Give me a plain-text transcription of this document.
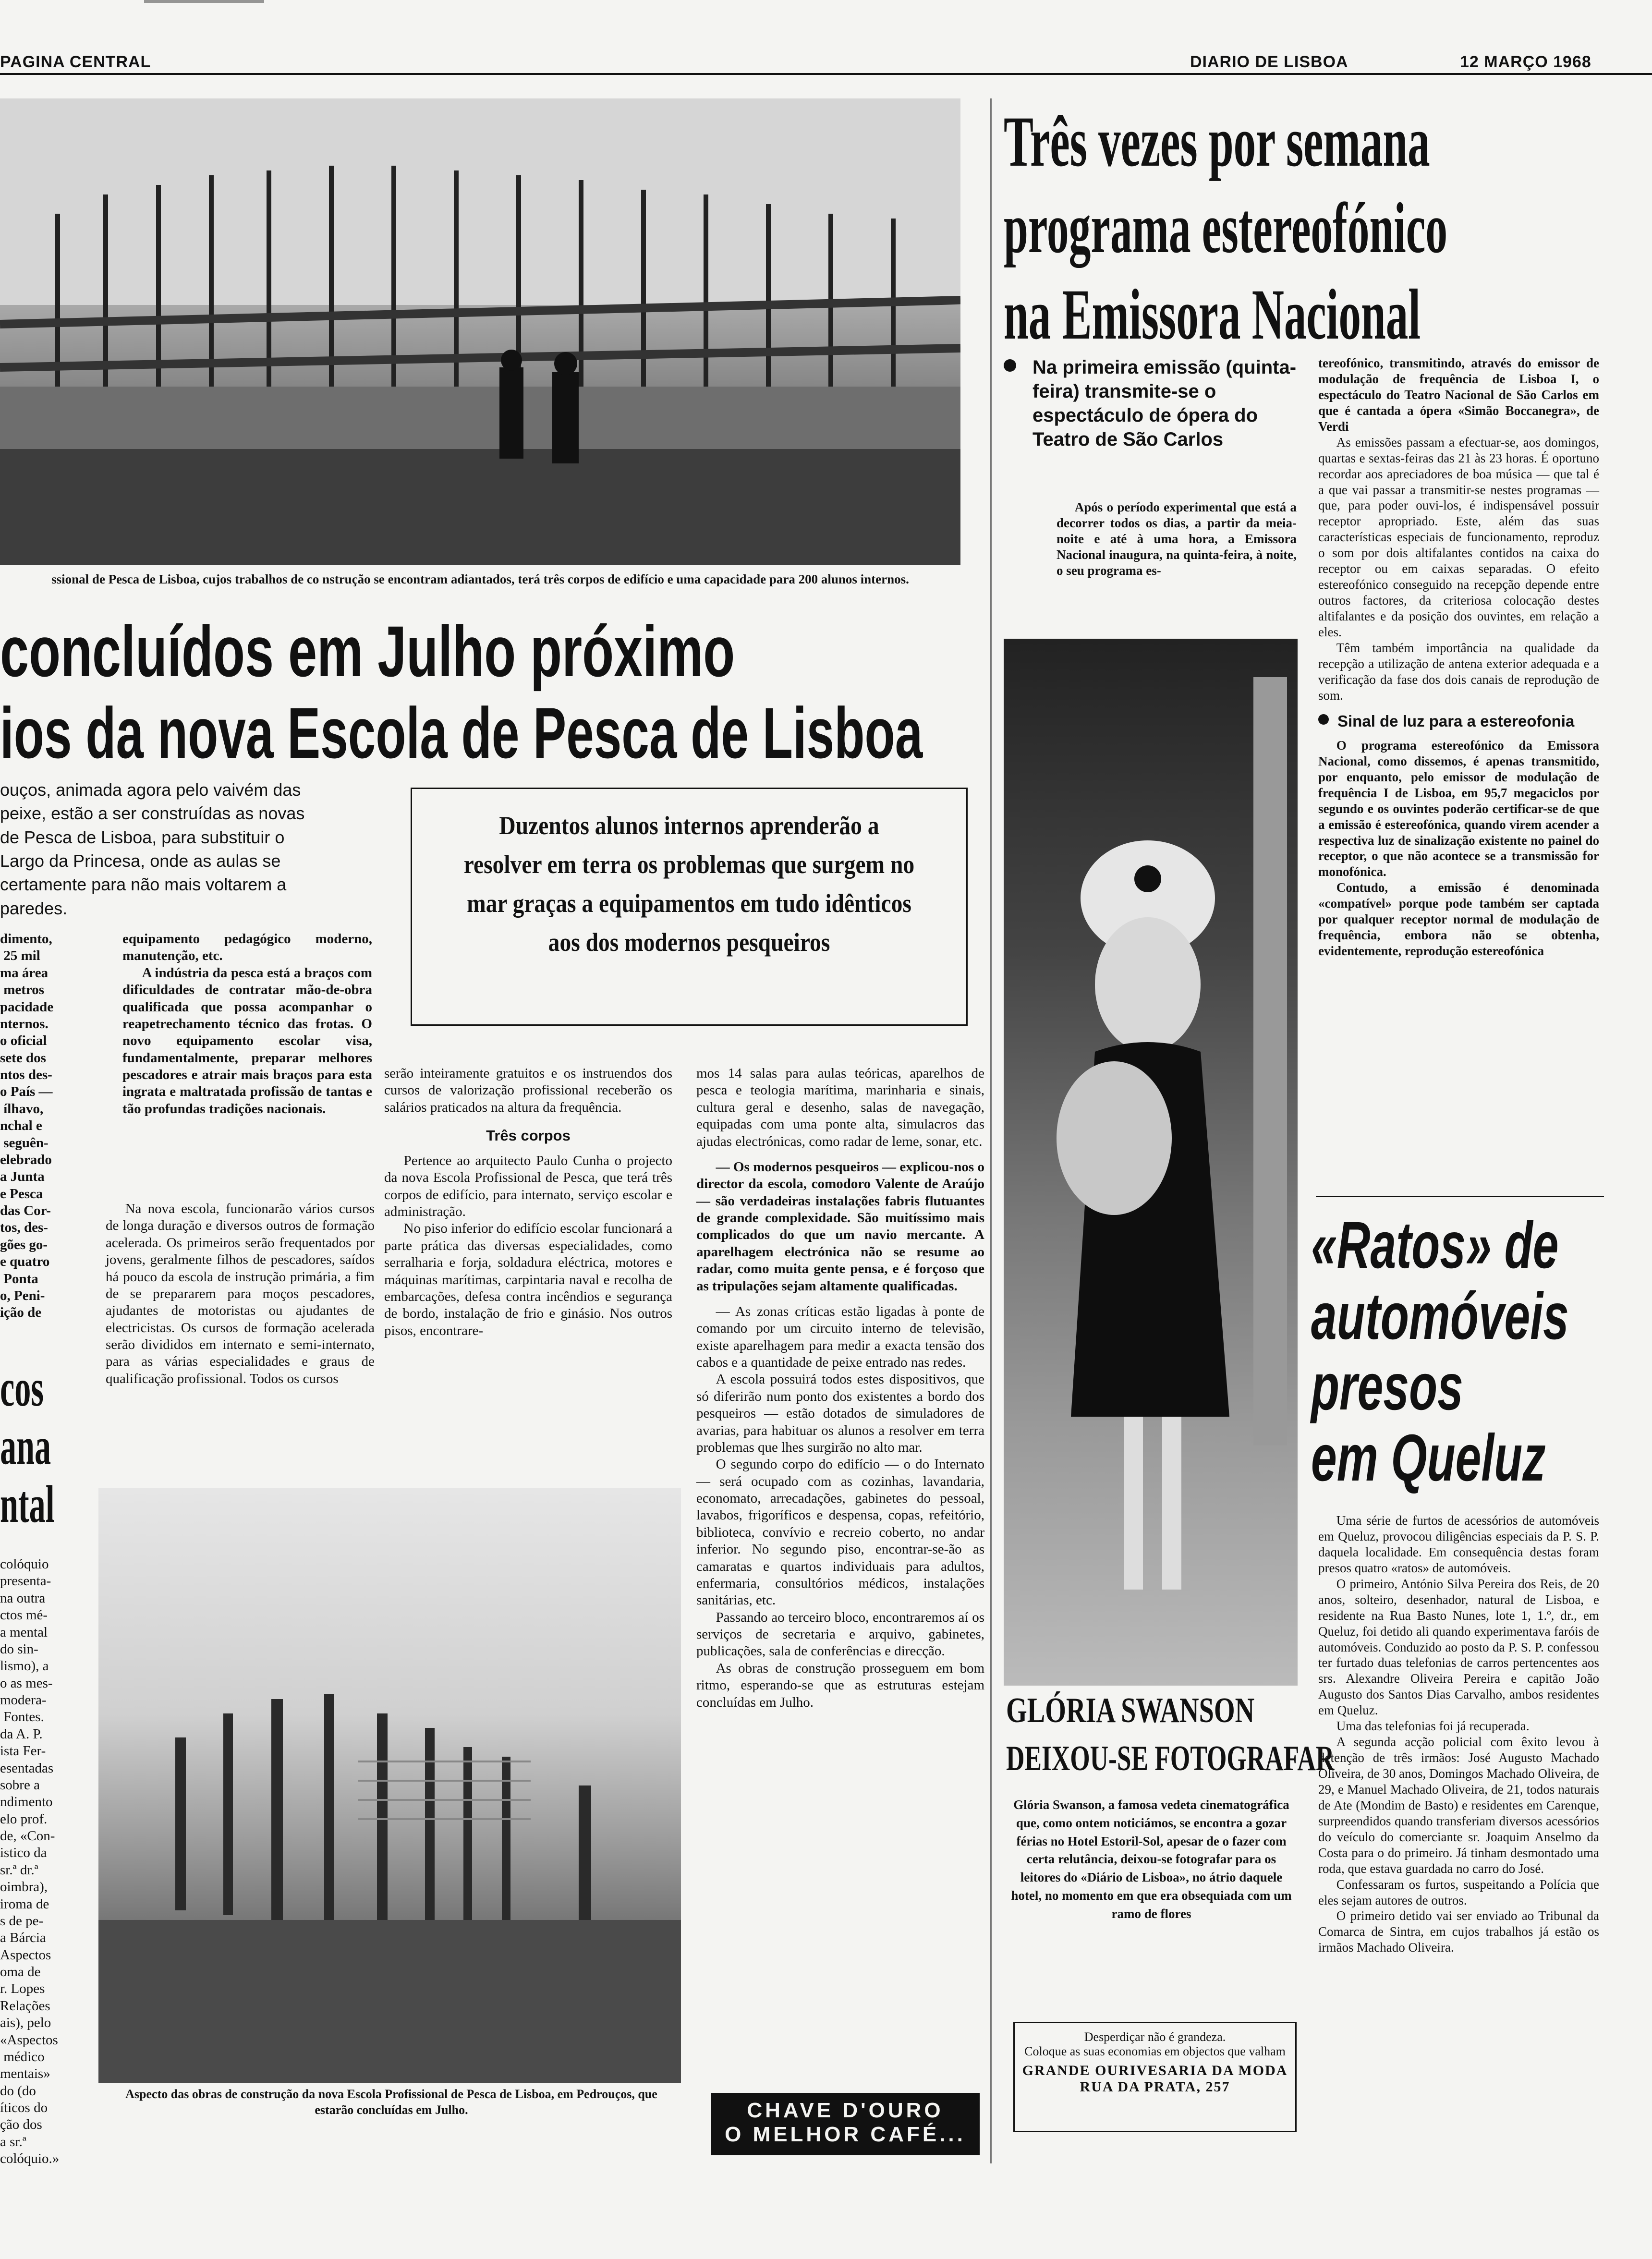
PAGINA CENTRAL	DIARIO DE LISBOA	12 MARÇO 1968
ssional de Pesca de Lisboa, cujos trabalhos de co nstrução se encontram adiantados, terá três corpos de edifício e uma capacidade para 200 alunos internos.
concluídos em Julho próximo
ios da nova Escola de Pesca de Lisboa
ouços, animada agora pelo vaivém das
peixe, estão a ser construídas as novas
de Pesca de Lisboa, para substituir o
Largo da Princesa, onde as aulas se
certamente para não mais voltarem a
paredes.
Duzentos alunos internos aprenderão a resolver em terra os problemas que surgem no mar graças a equipamentos em tudo idênticos aos dos modernos pesqueiros
dimento,
25 mil
ma área
metros
pacidade
nternos.
o oficial
sete dos
ntos des-
o País —
ílhavo,
nchal e
seguên-
elebrado
a Junta
e Pesca
das Cor-
tos, des-
gões go-
e quatro
Ponta
o, Peni-
ição de

equipamento pedagógico moderno, manutenção, etc.

A indústria da pesca está a braços com dificuldades de contratar mão-de-obra qualificada que possa acompanhar o reapetrechamento técnico das frotas. O novo equipamento escolar visa, fundamentalmente, preparar melhores pescadores e atrair mais braços para esta ingrata e maltratada profissão de tantas e tão profundas tradições nacionais.

Na nova escola, funcionarão vários cursos de longa duração e diversos outros de formação acelerada. Os primeiros serão frequentados por jovens, geralmente filhos de pescadores, saídos há pouco da escola de instrução primária, a fim de se prepararem para moços pescadores, ajudantes de motoristas ou ajudantes de electricistas. Os cursos de formação acelerada serão divididos em internato e semi-internato, para as várias especialidades e graus de qualificação profissional. Todos os cursos

cos
ana
ntal
colóquio
presenta-
na outra
ctos mé-
a mental
do sin-
lismo), a
o as mes-
modera-
Fontes.
da A. P.
ista Fer-
esentadas
sobre a
ndimento
elo prof.
de, «Con-
istico da
sr.ª dr.ª
oimbra),
iroma de
s de pe-
a Bárcia
Aspectos
oma de
r. Lopes
Relações
ais), pelo
«Aspectos
médico
mentais»
do (do
íticos do
ção dos
a sr.ª
colóquio.»

serão inteiramente gratuitos e os instruendos dos cursos de valorização profissional receberão os salários praticados na altura da frequência.

Três corpos

Pertence ao arquitecto Paulo Cunha o projecto da nova Escola Profissional de Pesca, que terá três corpos de edifício, para internato, serviço escolar e administração.

No piso inferior do edifício escolar funcionará a parte prática das diversas especialidades, como serralharia e forja, soldadura eléctrica, motores e máquinas marítimas, carpintaria naval e recolha de embarcações, defesa contra incêndios e segurança de bordo, instalação de frio e ginásio. Nos outros pisos, encontrare-

mos 14 salas para aulas teóricas, aparelhos de pesca e teologia marítima, marinharia e sinais, cultura geral e desenho, salas de navegação, equipadas com uma ponte alta, simulacros das ajudas electrónicas, como radar de leme, sonar, etc.

— Os modernos pesqueiros — explicou-nos o director da escola, comodoro Valente de Araújo — são verdadeiras instalações fabris flutuantes de grande complexidade. São muitíssimo mais complicados do que um navio mercante. A aparelhagem electrónica não se resume ao radar, como muita gente pensa, e é forçoso que as tripulações sejam altamente qualificadas.

— As zonas críticas estão ligadas à ponte de comando por um circuito interno de televisão, existe aparelhagem para medir a exacta tensão dos cabos e a quantidade de peixe entrado nas redes.

A escola possuirá todos estes dispositivos, que só diferirão num ponto dos existentes a bordo dos pesqueiros — estão dotados de simuladores de avarias, para habituar os alunos a resolver em terra problemas que lhes surgirão no alto mar.

O segundo corpo do edifício — o do Internato — será ocupado com as cozinhas, lavandaria, economato, arrecadações, gabinetes do pessoal, lavabos, frigoríficos e despensa, copas, refeitório, biblioteca, convívio e recreio coberto, no andar inferior. No segundo piso, encontrar-se-ão as camaratas e quartos individuais para adultos, enfermaria, consultórios médicos, instalações sanitárias, etc.

Passando ao terceiro bloco, encontraremos aí os serviços de secretaria e arquivo, gabinetes, publicações, sala de conferências e direcção.

As obras de construção prosseguem em bom ritmo, esperando-se que as estruturas estejam concluídas em Julho.

Aspecto das obras de construção da nova Escola Profissional de Pesca de Lisboa, em Pedrouços, que estarão concluídas em Julho.	CHAVE D'OURO
O MELHOR CAFÉ...
Três vezes por semana
programa estereofónico
na Emissora Nacional
Na primeira emissão (quinta-feira) transmite-se o espectáculo de ópera do Teatro de São Carlos

Após o período experimental que está a decorrer todos os dias, a partir da meia-noite e até à uma hora, a Emissora Nacional inaugura, na quinta-feira, à noite, o seu programa es-

tereofónico, transmitindo, através do emissor de modulação de frequência de Lisboa I, o espectáculo do Teatro Nacional de São Carlos em que é cantada a ópera «Simão Boccanegra», de Verdi

As emissões passam a efectuar-se, aos domingos, quartas e sextas-feiras das 21 às 23 horas. É oportuno recordar aos apreciadores de boa música — que tal é a que vai passar a transmitir-se nestes programas — que, para poder ouvi-los, é indispensável possuir receptor apropriado. Este, além das suas características especiais de funcionamento, reproduz o som por dois altifalantes contidos na caixa do receptor ou em caixas separadas. O efeito estereofónico conseguido na recepção depende entre outros factores, da criteriosa colocação destes altifalantes e da posição dos ouvintes, em relação a eles.

Têm também importância na qualidade da recepção a utilização de antena exterior adequada e a verificação da fase dos dois canais de reprodução de som.

Sinal de luz para a estereofonia

O programa estereofónico da Emissora Nacional, como dissemos, é apenas transmitido, por enquanto, pelo emissor de modulação de frequência I de Lisboa, em 95,7 megaciclos por segundo e os ouvintes poderão certificar-se de que a emissão é estereofónica, quando virem acender a respectiva luz de sinalização existente no painel do receptor, o que não acontece se a transmissão for monofónica.

Contudo, a emissão é denominada «compatível» porque pode também ser captada por qualquer receptor normal de modulação de frequência, embora não se obtenha, evidentemente, reprodução estereofónica

GLÓRIA SWANSON
DEIXOU-SE FOTOGRAFAR
Glória Swanson, a famosa vedeta cinematográfica que, como ontem noticiámos, se encontra a gozar férias no Hotel Estoril-Sol, apesar de o fazer com certa relutância, deixou-se fotografar para os leitores do «Diário de Lisboa», no átrio daquele hotel, no momento em que era obsequiada com um ramo de flores
Desperdiçar não é grandeza.
Coloque as suas economias em objectos que valham
GRANDE OURIVESARIA DA MODA
RUA DA PRATA, 257
«Ratos» de
automóveis
presos
em Queluz

Uma série de furtos de acessórios de automóveis em Queluz, provocou diligências especiais da P. S. P. daquela localidade. Em consequência destas foram presos quatro «ratos» de automóveis.

O primeiro, António Silva Pereira dos Reis, de 20 anos, solteiro, desenhador, natural de Lisboa, e residente na Rua Basto Nunes, lote 1, 1.º, dr., em Queluz, foi detido ali quando experimentava faróis de automóveis. Conduzido ao posto da P. S. P. confessou ter furtado duas telefonias de carros pertencentes aos srs. Alexandre Oliveira Pereira e capitão João Augusto dos Santos Dias Carvalho, ambos residentes em Queluz.

Uma das telefonias foi já recuperada.

A segunda acção policial com êxito levou à detenção de três irmãos: José Augusto Machado Oliveira, de 30 anos, Domingos Machado Oliveira, de 29, e Manuel Machado Oliveira, de 21, todos naturais de Ate (Mondim de Basto) e residentes em Carenque, surpreendidos quando transferiam diversos acessórios do veículo do comerciante sr. Joaquim Anselmo da Costa para o do primeiro. Já tinham desmontado uma roda, que estava guardada no carro do José.

Confessaram os furtos, suspeitando a Polícia que eles sejam autores de outros.

O primeiro detido vai ser enviado ao Tribunal da Comarca de Sintra, em cujos trabalhos já estão os irmãos Machado Oliveira.
